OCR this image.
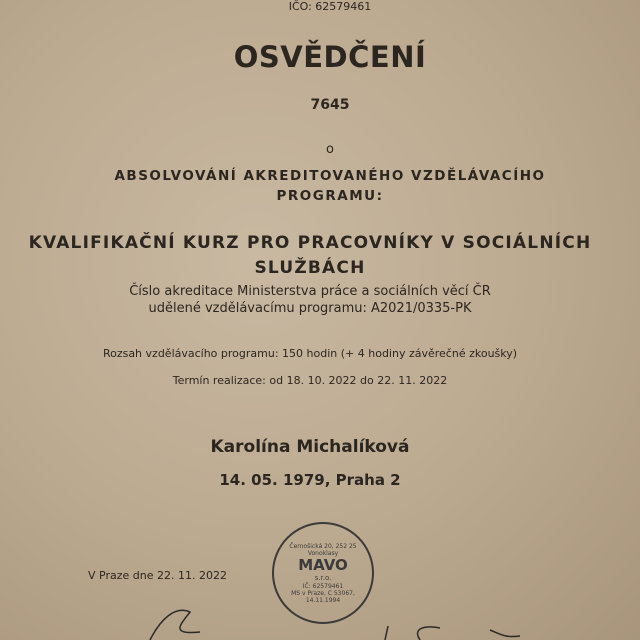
IČO: 62579461
OSVĚDČENÍ
7645
o
ABSOLVOVÁNÍ AKREDITOVANÉHO VZDĚLÁVACÍHO
PROGRAMU:
KVALIFIKAČNÍ KURZ PRO PRACOVNÍKY V SOCIÁLNÍCH
SLUŽBÁCH
Číslo akreditace Ministerstva práce a sociálních věcí ČR
udělené vzdělávacímu programu: A2021/0335-PK
Rozsah vzdělávacího programu: 150 hodin (+ 4 hodiny závěrečné zkoušky)
Termín realizace: od 18. 10. 2022 do 22. 11. 2022
Karolína Michalíková
14. 05. 1979, Praha 2
V Praze dne 22. 11. 2022
Černošická 20, 252 25 Vonoklasy
MAVO
s.r.o.
IČ: 62579461
MS v Praze, C 53067, 14.11.1994
